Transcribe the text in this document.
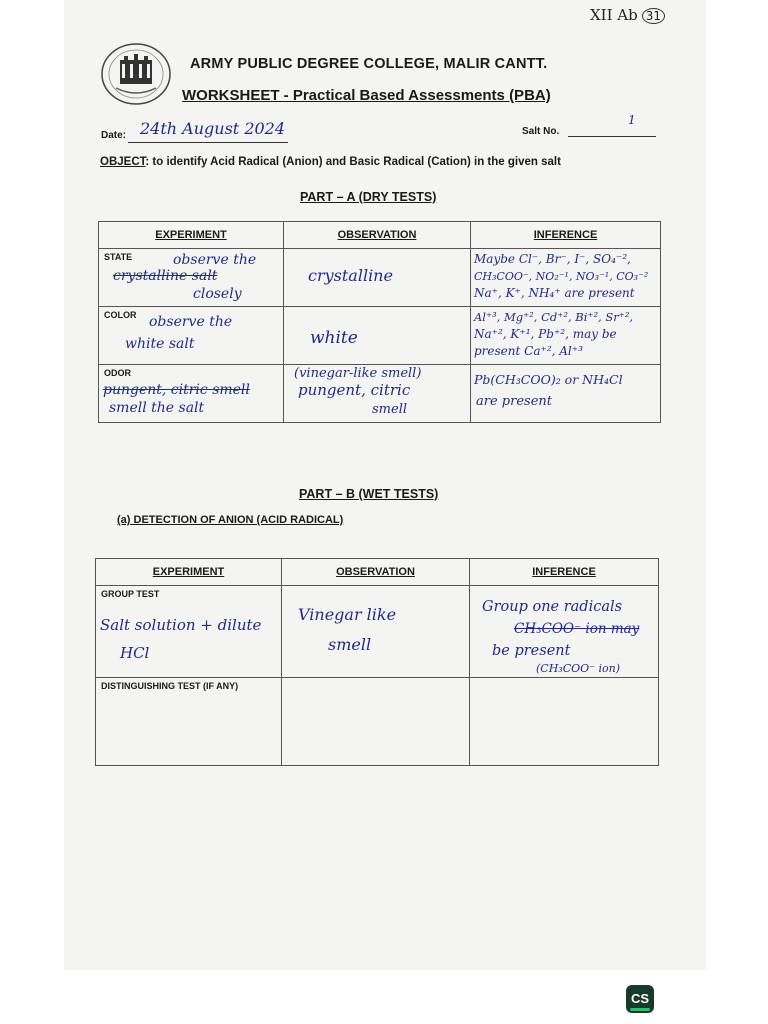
XII Ab 31
ARMY PUBLIC DEGREE COLLEGE, MALIR CANTT.
WORKSHEET - Practical Based Assessments (PBA)
Date: 24th August 2024	Salt No.
1
OBJECT: to identify Acid Radical (Anion) and Basic Radical (Cation) in the given salt
PART – A (DRY TESTS)
EXPERIMENT	OBSERVATION	INFERENCE

STATE observe the
crystalline salt
closely	crystalline	Maybe Cl⁻, Br⁻, I⁻, SO₄⁻²,
CH₃COO⁻, NO₂⁻¹, NO₃⁻¹, CO₃⁻²
Na⁺, K⁺, NH₄⁺ are present

COLOR observe the
white salt	white	Al⁺³, Mg⁺², Cd⁺², Bi⁺², Sr⁺²,
Na⁺², K⁺¹, Pb⁺², may be
present Ca⁺², Al⁺³

ODOR
pungent, citric smell
smell the salt	(vinegar-like smell)
pungent, citric
smell	Pb(CH₃COO)₂ or NH₄Cl
are present
PART – B (WET TESTS)
(a) DETECTION OF ANION (ACID RADICAL)
EXPERIMENT	OBSERVATION	INFERENCE

GROUP TEST
Salt solution + dilute
HCl	Vinegar like
smell	Group one radicals
CH₃COO⁻ ion may
be present
(CH₃COO⁻ ion)

DISTINGUISHING TEST (IF ANY)		

CS
